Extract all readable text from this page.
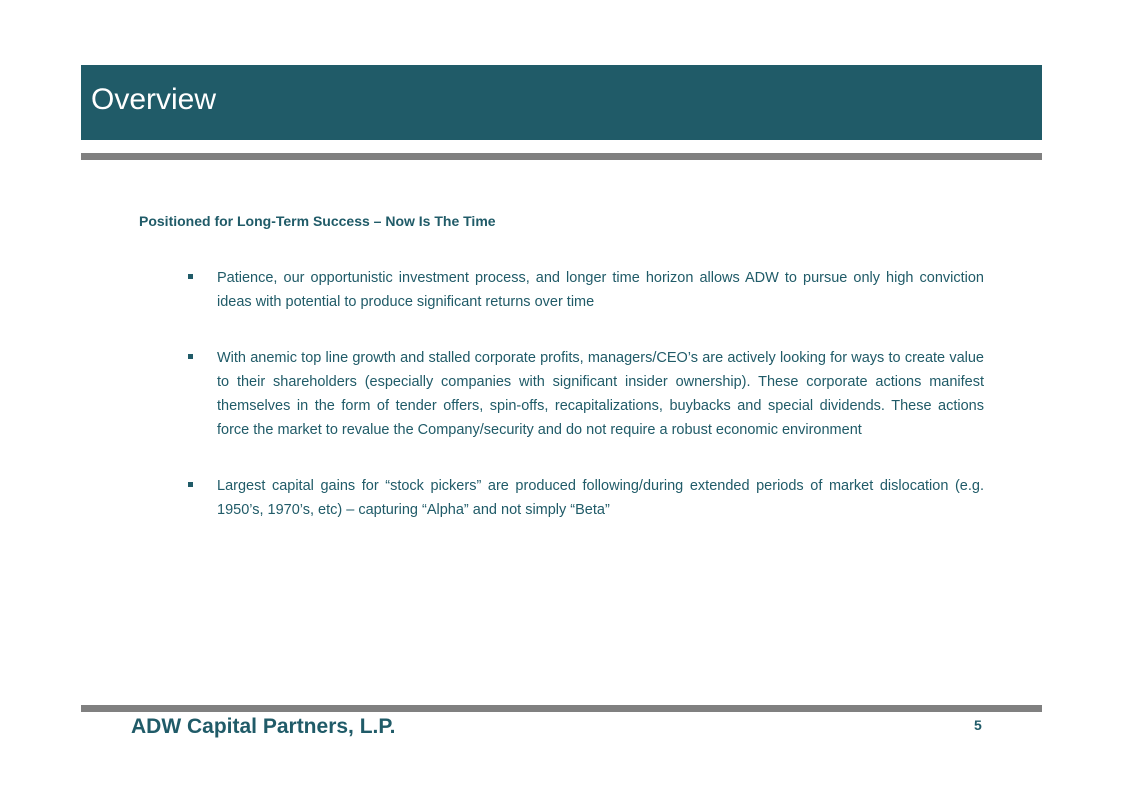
Overview
Positioned for Long-Term Success – Now Is The Time
Patience, our opportunistic investment process, and longer time horizon allows ADW to pursue only high conviction ideas with potential to produce significant returns over time
With anemic top line growth and stalled corporate profits, managers/CEO’s are actively looking for ways to create value to their shareholders (especially companies with significant insider ownership). These corporate actions manifest themselves in the form of tender offers, spin-offs, recapitalizations, buybacks and special dividends. These actions force the market to revalue the Company/security and do not require a robust economic environment
Largest capital gains for “stock pickers” are produced following/during extended periods of market dislocation (e.g. 1950’s, 1970’s, etc) – capturing “Alpha” and not simply “Beta”
ADW Capital Partners, L.P.	5
